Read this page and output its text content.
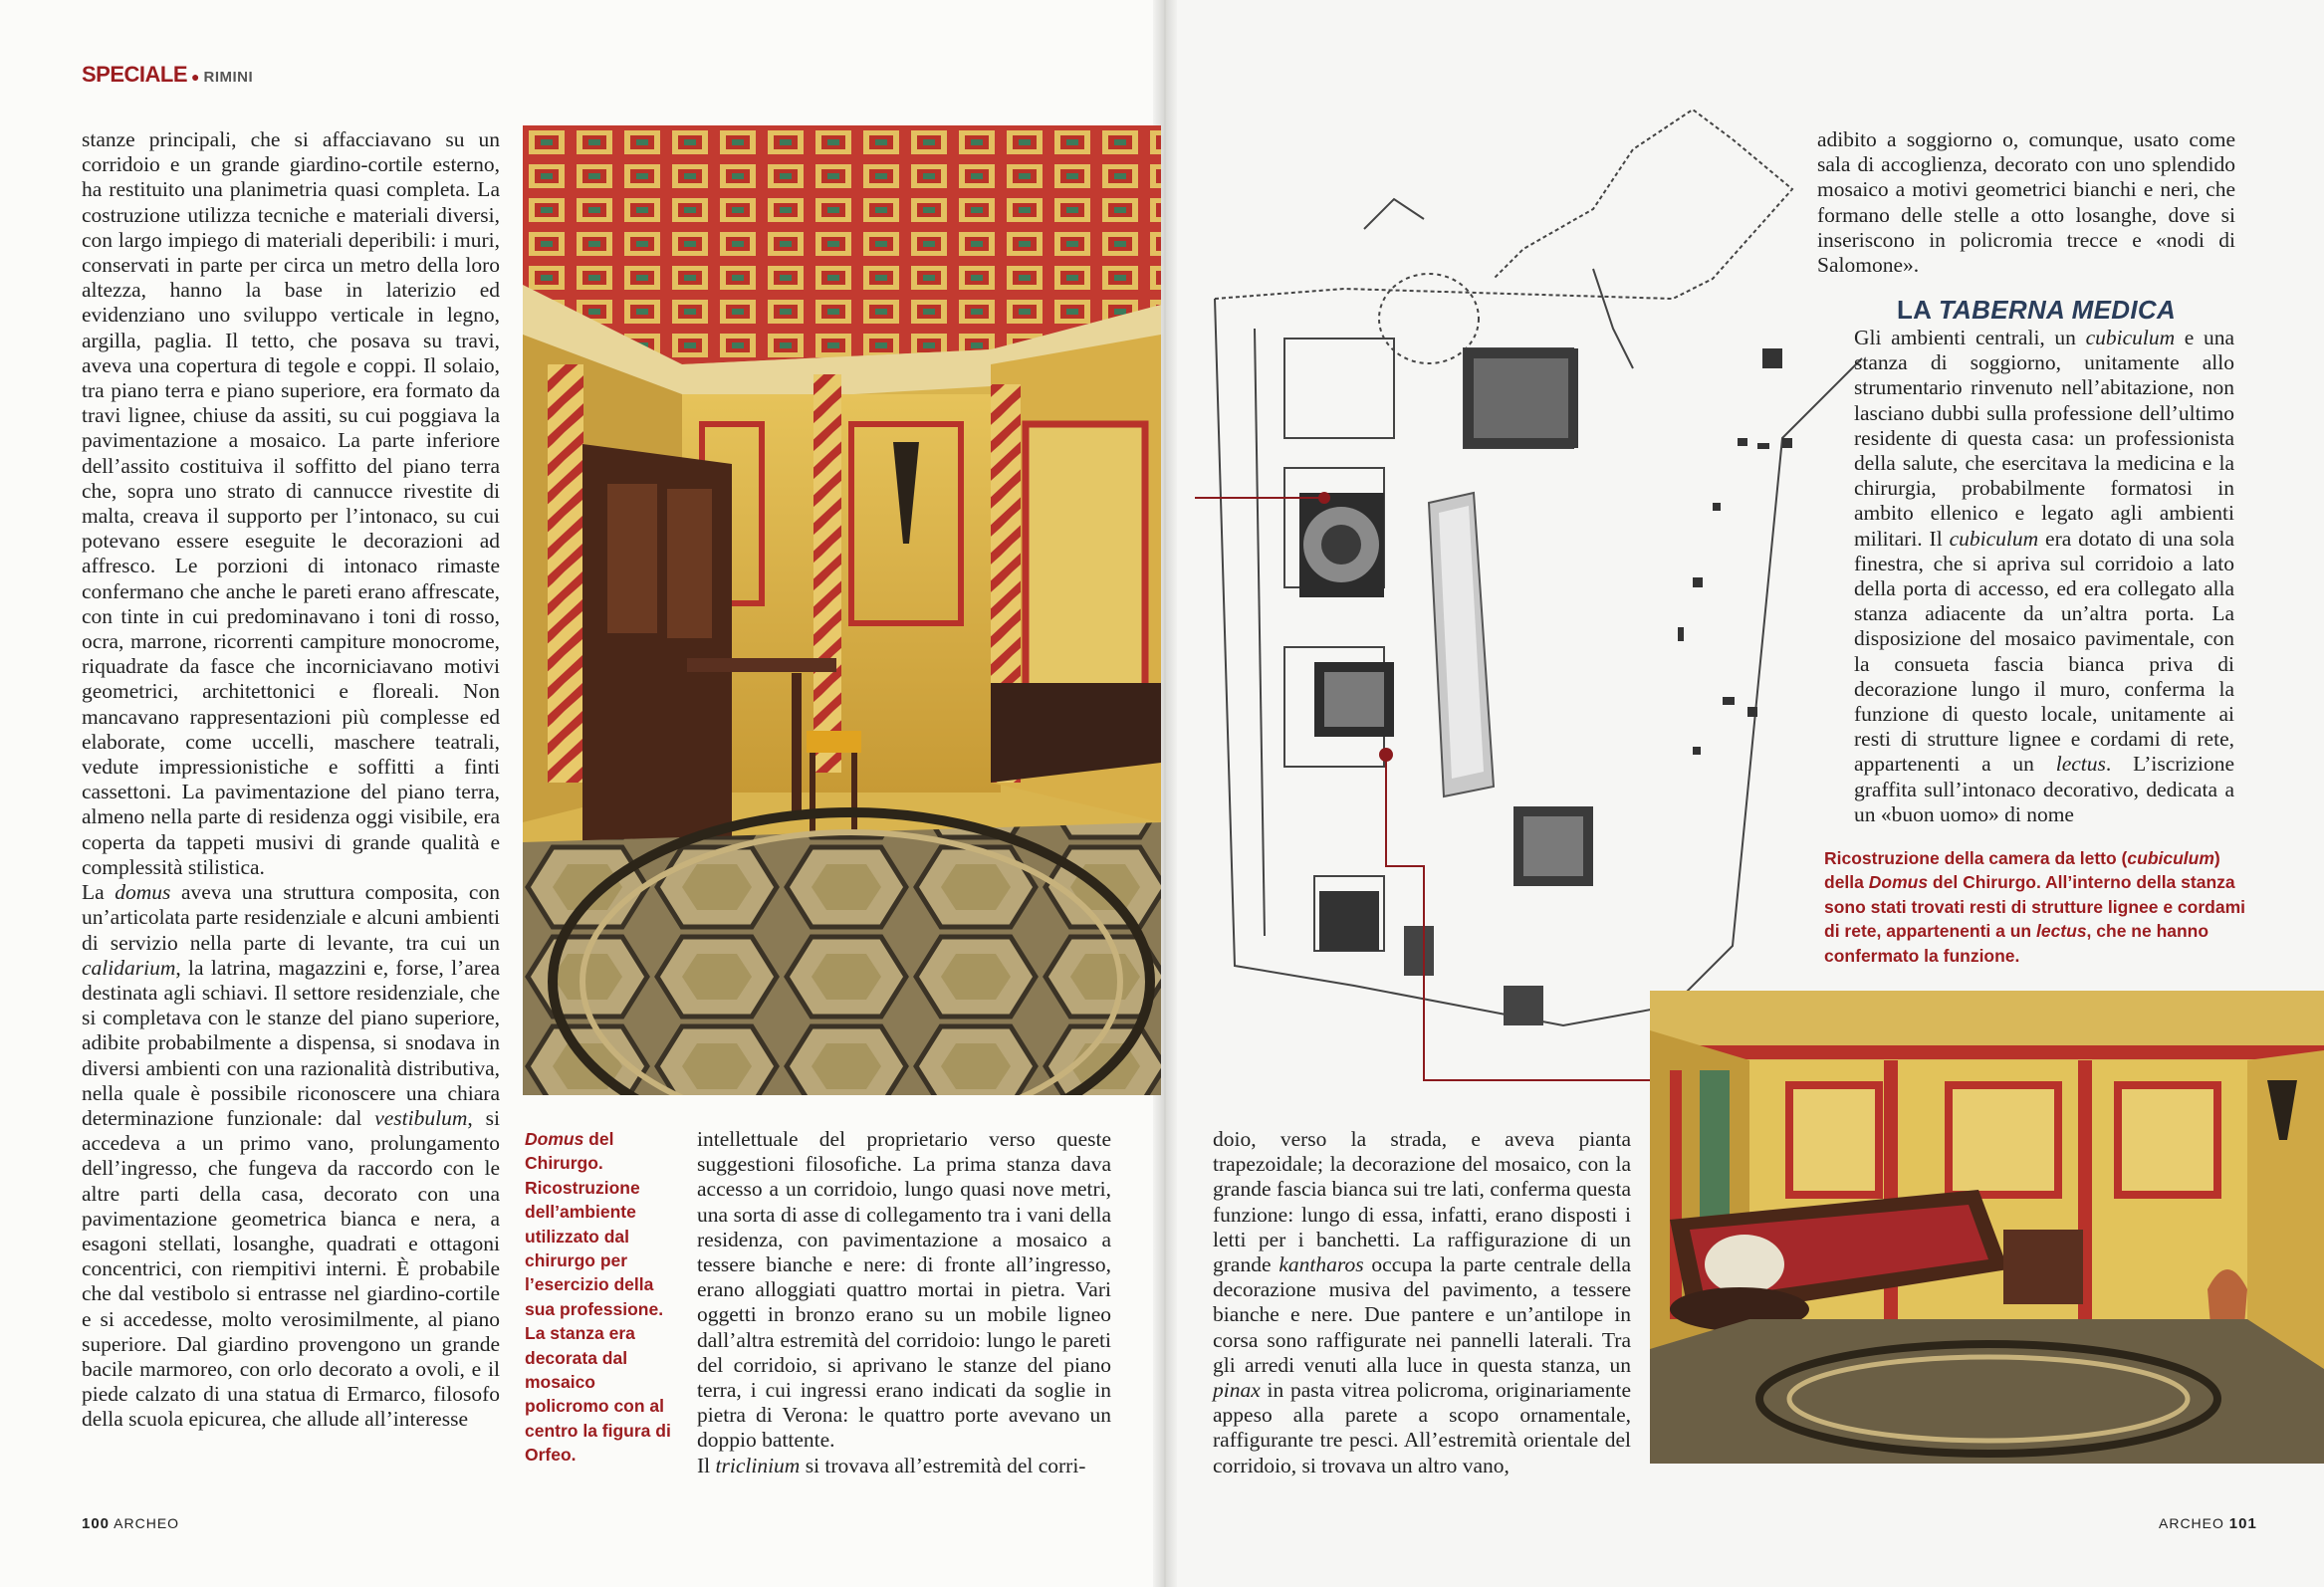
SPECIALE ● RIMINI

stanze principali, che si affacciavano su un corridoio e un grande giardino-cortile esterno, ha restituito una planimetria quasi completa. La costruzione utilizza tecniche e materiali diversi, con largo impiego di materiali deperibili: i muri, conservati in parte per circa un metro della loro altezza, hanno la base in laterizio ed evidenziano uno sviluppo verticale in legno, argilla, paglia. Il tetto, che posava su travi, aveva una copertura di tegole e coppi. Il solaio, tra piano terra e piano superiore, era formato da travi lignee, chiuse da assiti, su cui poggiava la pavimentazione a mosaico. La parte inferiore dell’assito costituiva il soffitto del piano terra che, sopra uno strato di cannucce rivestite di malta, creava il supporto per l’intonaco, su cui potevano essere eseguite le decorazioni ad affresco. Le porzioni di intonaco rimaste confermano che anche le pareti erano affrescate, con tinte in cui predominavano i toni di rosso, ocra, marrone, ricorrenti campiture monocrome, riquadrate da fasce che incorniciavano motivi geometrici, architettonici e floreali. Non mancavano rappresentazioni più complesse ed elaborate, come uccelli, maschere teatrali, vedute impressionistiche e soffitti a finti cassettoni. La pavimentazione del piano terra, almeno nella parte di residenza oggi visibile, era coperta da tappeti musivi di grande qualità e complessità stilistica.

La domus aveva una struttura composita, con un’articolata parte residenziale e alcuni ambienti di servizio nella parte di levante, tra cui un calidarium, la latrina, magazzini e, forse, l’area destinata agli schiavi. Il settore residenziale, che si completava con le stanze del piano superiore, adibite probabilmente a dispensa, si snodava in diversi ambienti con una razionalità distributiva, nella quale è possibile riconoscere una chiara determinazione funzionale: dal vestibulum, si accedeva a un primo vano, prolungamento dell’ingresso, che fungeva da raccordo con le altre parti della casa, decorato con una pavimentazione geometrica bianca e nera, a esagoni stellati, losanghe, quadrati e ottagoni concentrici, con riempitivi interni. È probabile che dal vestibolo si entrasse nel giardino-cortile e si accedesse, molto verosimilmente, al piano superiore. Dal giardino provengono un grande bacile marmoreo, con orlo decorato a ovoli, e il piede calzato di una statua di Ermarco, filosofo della scuola epicurea, che allude all’interesse

Domus del Chirurgo. Ricostruzione dell’ambiente utilizzato dal chirurgo per l’esercizio della sua professione. La stanza era decorata dal mosaico policromo con al centro la figura di Orfeo.

intellettuale del proprietario verso queste suggestioni filosofiche. La prima stanza dava accesso a un corridoio, lungo quasi nove metri, una sorta di asse di collegamento tra i vani della residenza, con pavimentazione a mosaico a tessere bianche e nere: di fronte all’ingresso, erano alloggiati quattro mortai in pietra. Vari oggetti in bronzo erano su un mobile ligneo dall’altra estremità del corridoio: lungo le pareti del corridoio, si aprivano le stanze del piano terra, i cui ingressi erano indicati da soglie in pietra di Verona: le quattro porte avevano un doppio battente.

Il triclinium si trovava all’estremità del corri-

100 ARCHEO

adibito a soggiorno o, comunque, usato come sala di accoglienza, decorato con uno splendido mosaico a motivi geometrici bianchi e neri, che formano delle stelle a otto losanghe, dove si inseriscono in policromia trecce e «nodi di Salomone».

LA TABERNA MEDICA

Gli ambienti centrali, un cubiculum e una stanza di soggiorno, unitamente allo strumentario rinvenuto nell’abitazione, non lasciano dubbi sulla professione dell’ultimo residente di questa casa: un professionista della salute, che esercitava la medicina e la chirurgia, probabilmente formatosi in ambito ellenico e legato agli ambienti militari. Il cubiculum era dotato di una sola finestra, che si apriva sul corridoio a lato della porta di accesso, ed era collegato alla stanza adiacente da un’altra porta. La disposizione del mosaico pavimentale, con la consueta fascia bianca priva di decorazione lungo il muro, conferma la funzione di questo locale, unitamente ai resti di strutture lignee e cordami di rete, appartenenti a un lectus. L’iscrizione graffita sull’intonaco decorativo, dedicata a un «buon uomo» di nome

Ricostruzione della camera da letto (cubiculum) della Domus del Chirurgo. All’interno della stanza sono stati trovati resti di strutture lignee e cordami di rete, appartenenti a un lectus, che ne hanno confermato la funzione.

doio, verso la strada, e aveva pianta trapezoidale; la decorazione del mosaico, con la grande fascia bianca sui tre lati, conferma questa funzione: lungo di essa, infatti, erano disposti i letti per i banchetti. La raffigurazione di un grande kantharos occupa la parte centrale della decorazione musiva del pavimento, a tessere bianche e nere. Due pantere e un’antilope in corsa sono raffigurate nei pannelli laterali. Tra gli arredi venuti alla luce in questa stanza, un pinax in pasta vitrea policroma, originariamente appeso alla parete a scopo ornamentale, raffigurante tre pesci. All’estremità orientale del corridoio, si trovava un altro vano,

ARCHEO 101
